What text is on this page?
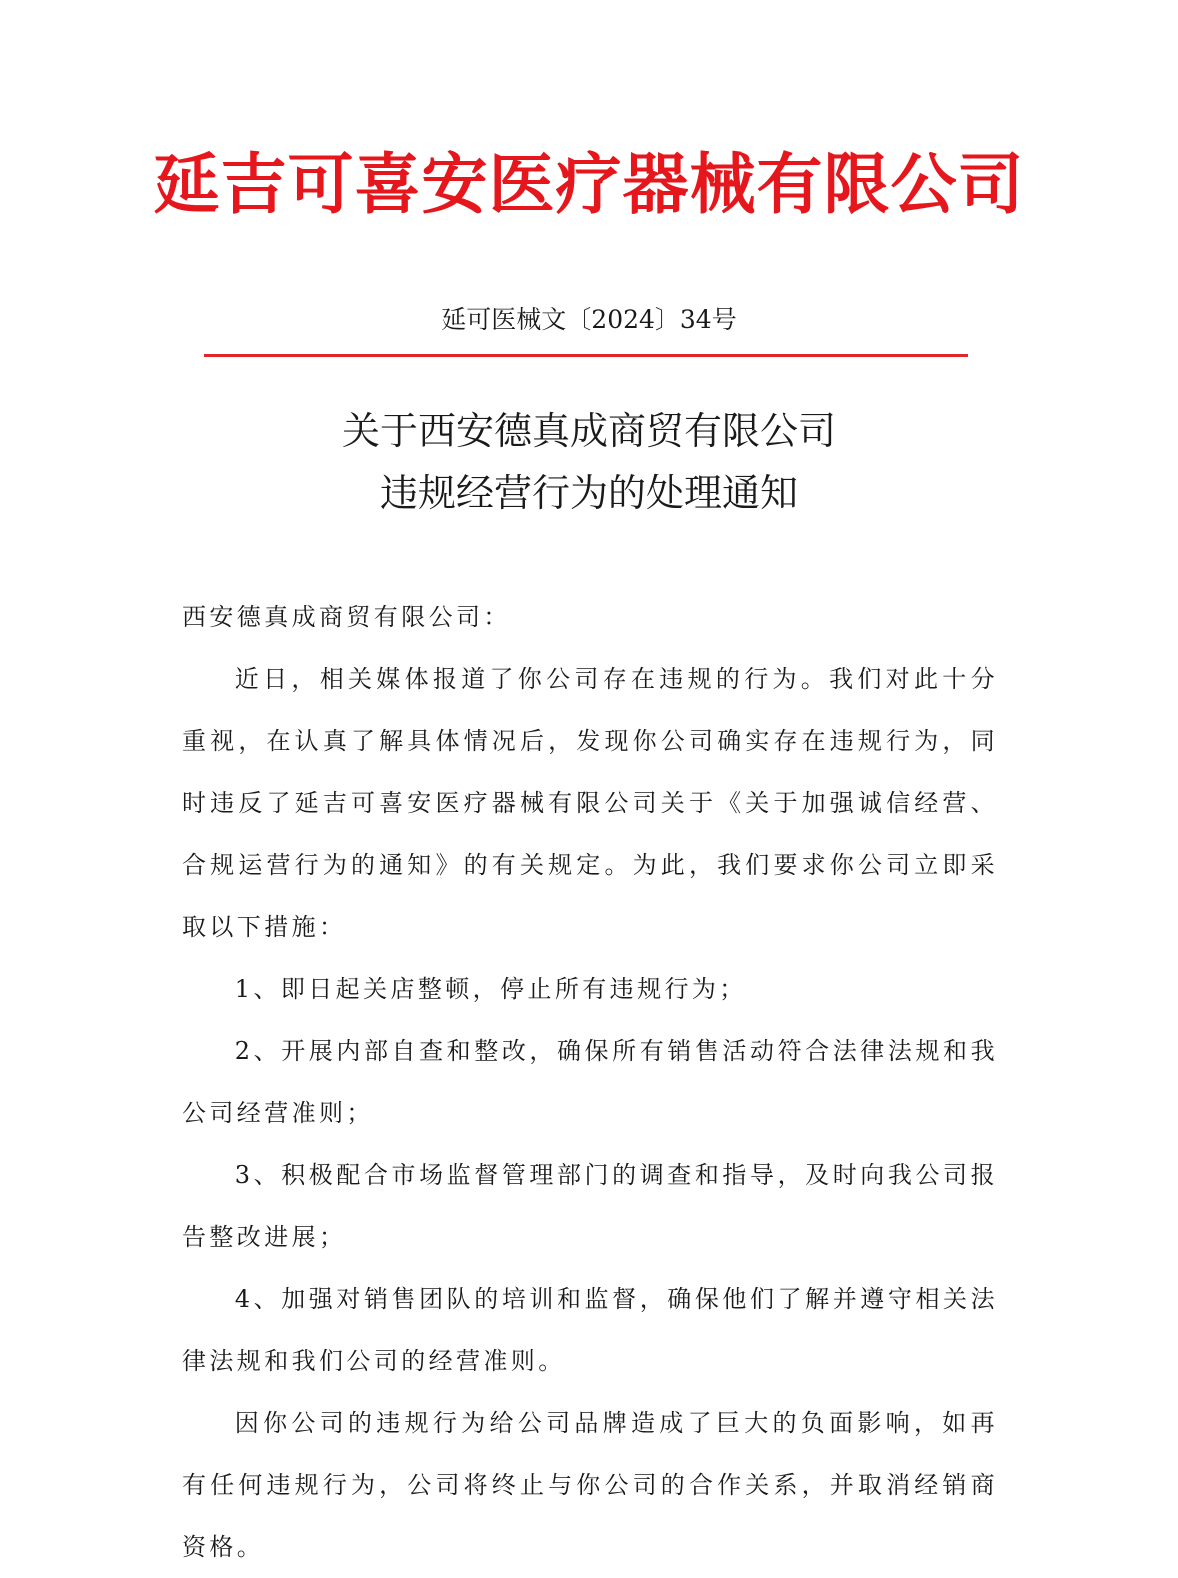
延吉可喜安医疗器械有限公司
延可医械文〔2024〕34号
关于西安德真成商贸有限公司
违规经营行为的处理通知

西安德真成商贸有限公司：

近日，相关媒体报道了你公司存在违规的行为。我们对此十分重视，在认真了解具体情况后，发现你公司确实存在违规行为，同时违反了延吉可喜安医疗器械有限公司关于《关于加强诚信经营、合规运营行为的通知》的有关规定。为此，我们要求你公司立即采取以下措施：

1、即日起关店整顿，停止所有违规行为；

2、开展内部自查和整改，确保所有销售活动符合法律法规和我公司经营准则；

3、积极配合市场监督管理部门的调查和指导，及时向我公司报告整改进展；

4、加强对销售团队的培训和监督，确保他们了解并遵守相关法律法规和我们公司的经营准则。

因你公司的违规行为给公司品牌造成了巨大的负面影响，如再有任何违规行为，公司将终止与你公司的合作关系，并取消经销商资格。
